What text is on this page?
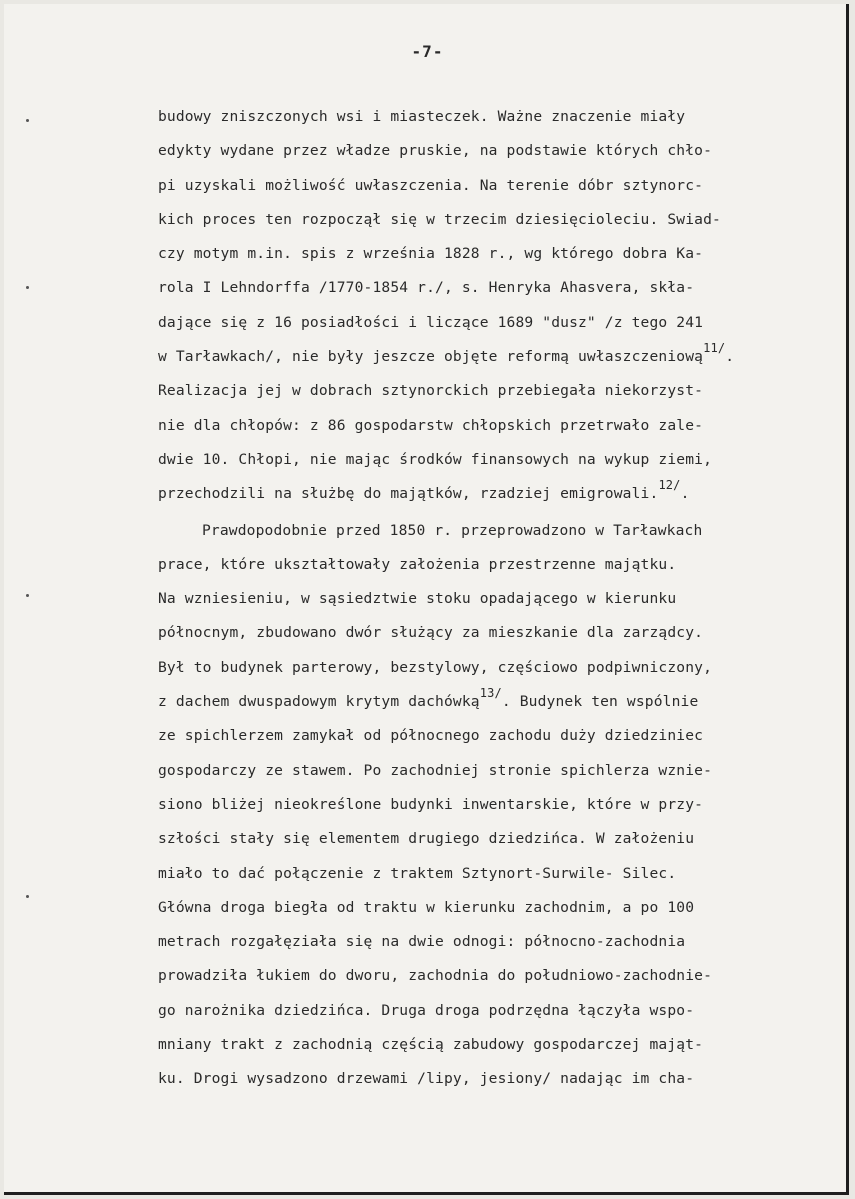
-7-
budowy zniszczonych wsi i miasteczek. Ważne znaczenie miały
edykty wydane przez władze pruskie, na podstawie których chło-
pi uzyskali możliwość uwłaszczenia. Na terenie dóbr sztynorc-
kich proces ten rozpoczął się w trzecim dziesięcioleciu. Swiad-
czy motym m.in. spis z września 1828 r., wg którego dobra Ka-
rola I Lehndorffa /1770-1854 r./, s. Henryka Ahasvera, skła-
dające się z 16 posiadłości i liczące 1689 "dusz" /z tego 241
w Tarławkach/, nie były jeszcze objęte reformą uwłaszczeniową$^{11/}$.
Realizacja jej w dobrach sztynorckich przebiegała niekorzyst-
nie dla chłopów: z 86 gospodarstw chłopskich przetrwało zale-
dwie 10. Chłopi, nie mając środków finansowych na wykup ziemi,
przechodzili na służbę do majątków, rzadziej emigrowali.$^{12/}$.
Prawdopodobnie przed 1850 r. przeprowadzono w Tarławkach
prace, które ukształtowały założenia przestrzenne majątku.
Na wzniesieniu, w sąsiedztwie stoku opadającego w kierunku
północnym, zbudowano dwór służący za mieszkanie dla zarządcy.
Był to budynek parterowy, bezstylowy, częściowo podpiwniczony,
z dachem dwuspadowym krytym dachówką$^{13/}$. Budynek ten wspólnie
ze spichlerzem zamykał od północnego zachodu duży dziedziniec
gospodarczy ze stawem. Po zachodniej stronie spichlerza wznie-
siono bliżej nieokreślone budynki inwentarskie, które w przy-
szłości stały się elementem drugiego dziedzińca. W założeniu
miało to dać połączenie z traktem Sztynort-Surwile- Silec.
Główna droga biegła od traktu w kierunku zachodnim, a po 100
metrach rozgałęziała się na dwie odnogi: północno-zachodnia
prowadziła łukiem do dworu, zachodnia do południowo-zachodnie-
go narożnika dziedzińca. Druga droga podrzędna łączyła wspo-
mniany trakt z zachodnią częścią zabudowy gospodarczej mająt-
ku. Drogi wysadzono drzewami /lipy, jesiony/ nadając im cha-
